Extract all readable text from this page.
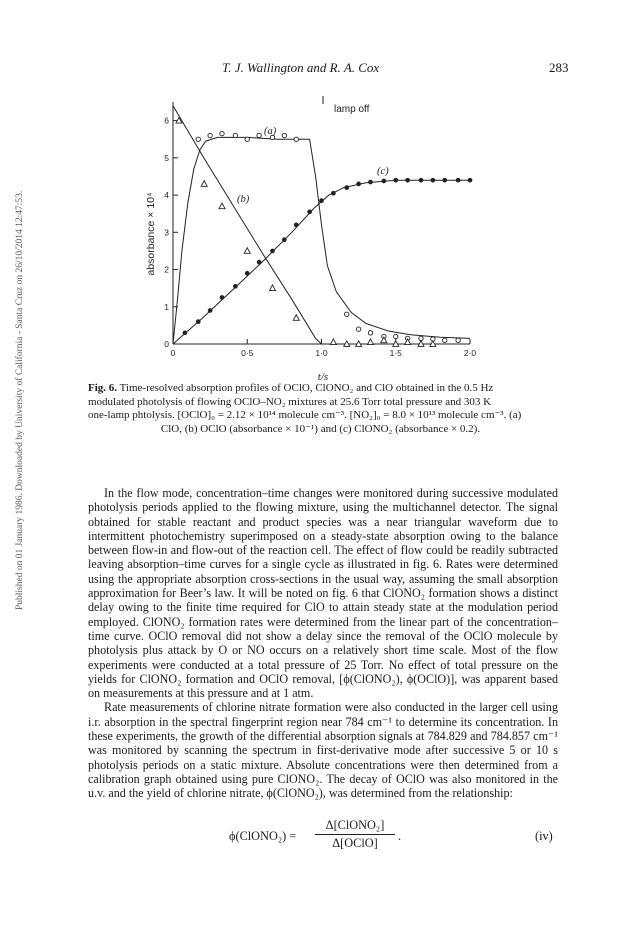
Published on 01 January 1986. Downloaded by University of California - Santa Cruz on 26/10/2014 12:47:53.
T. J. Wallington and R. A. Cox	283
0	0·5	1·0	1·5	2·0
0
1
2
3
4
5
6
absorbance × 10⁴
t/s
lamp off
(a)
(b)
(c)

Fig. 6. Time-resolved absorption profiles of OClO, ClONO₂ and ClO obtained in the 0.5 Hz

modulated photolysis of flowing OClO–NO₂ mixtures at 25.6 Torr total pressure and 303 K

one-lamp phtolysis. [OClO]₀ = 2.12 × 10¹⁴ molecule cm⁻³. [NO₂]₀ = 8.0 × 10¹³ molecule cm⁻³. (a)

ClO, (b) OClO (absorbance × 10⁻¹) and (c) ClONO₂ (absorbance × 0.2).

In the flow mode, concentration–time changes were monitored during successive modulated photolysis periods applied to the flowing mixture, using the multichannel detector. The signal obtained for stable reactant and product species was a near triangular waveform due to intermittent photochemistry superimposed on a steady-state absorption owing to the balance between flow-in and flow-out of the reaction cell. The effect of flow could be readily subtracted leaving absorption–time curves for a single cycle as illustrated in fig. 6. Rates were determined using the appropriate absorption cross-sections in the usual way, assuming the small absorption approximation for Beer’s law. It will be noted on fig. 6 that ClONO₂ formation shows a distinct delay owing to the finite time required for ClO to attain steady state at the modulation period employed. ClONO₂ formation rates were determined from the linear part of the concentration–time curve. OClO removal did not show a delay since the removal of the OClO molecule by photolysis plus attack by O or NO occurs on a relatively short time scale. Most of the flow experiments were conducted at a total pressure of 25 Torr. No effect of total pressure on the yields for ClONO₂ formation and OClO removal, [ϕ(ClONO₂), ϕ(OClO)], was apparent based on measurements at this pressure and at 1 atm.

Rate measurements of chlorine nitrate formation were also conducted in the larger cell using i.r. absorption in the spectral fingerprint region near 784 cm⁻¹ to determine its concentration. In these experiments, the growth of the differential absorption signals at 784.829 and 784.857 cm⁻¹ was monitored by scanning the spectrum in first-derivative mode after successive 5 or 10 s photolysis periods on a static mixture. Absolute concentrations were then determined from a calibration graph obtained using pure ClONO₂. The decay of OClO was also monitored in the u.v. and the yield of chlorine nitrate, ϕ(ClONO₂), was determined from the relationship:

ϕ(ClONO₂) =
Δ[ClONO₂]
Δ[OClO]	.	(iv)
